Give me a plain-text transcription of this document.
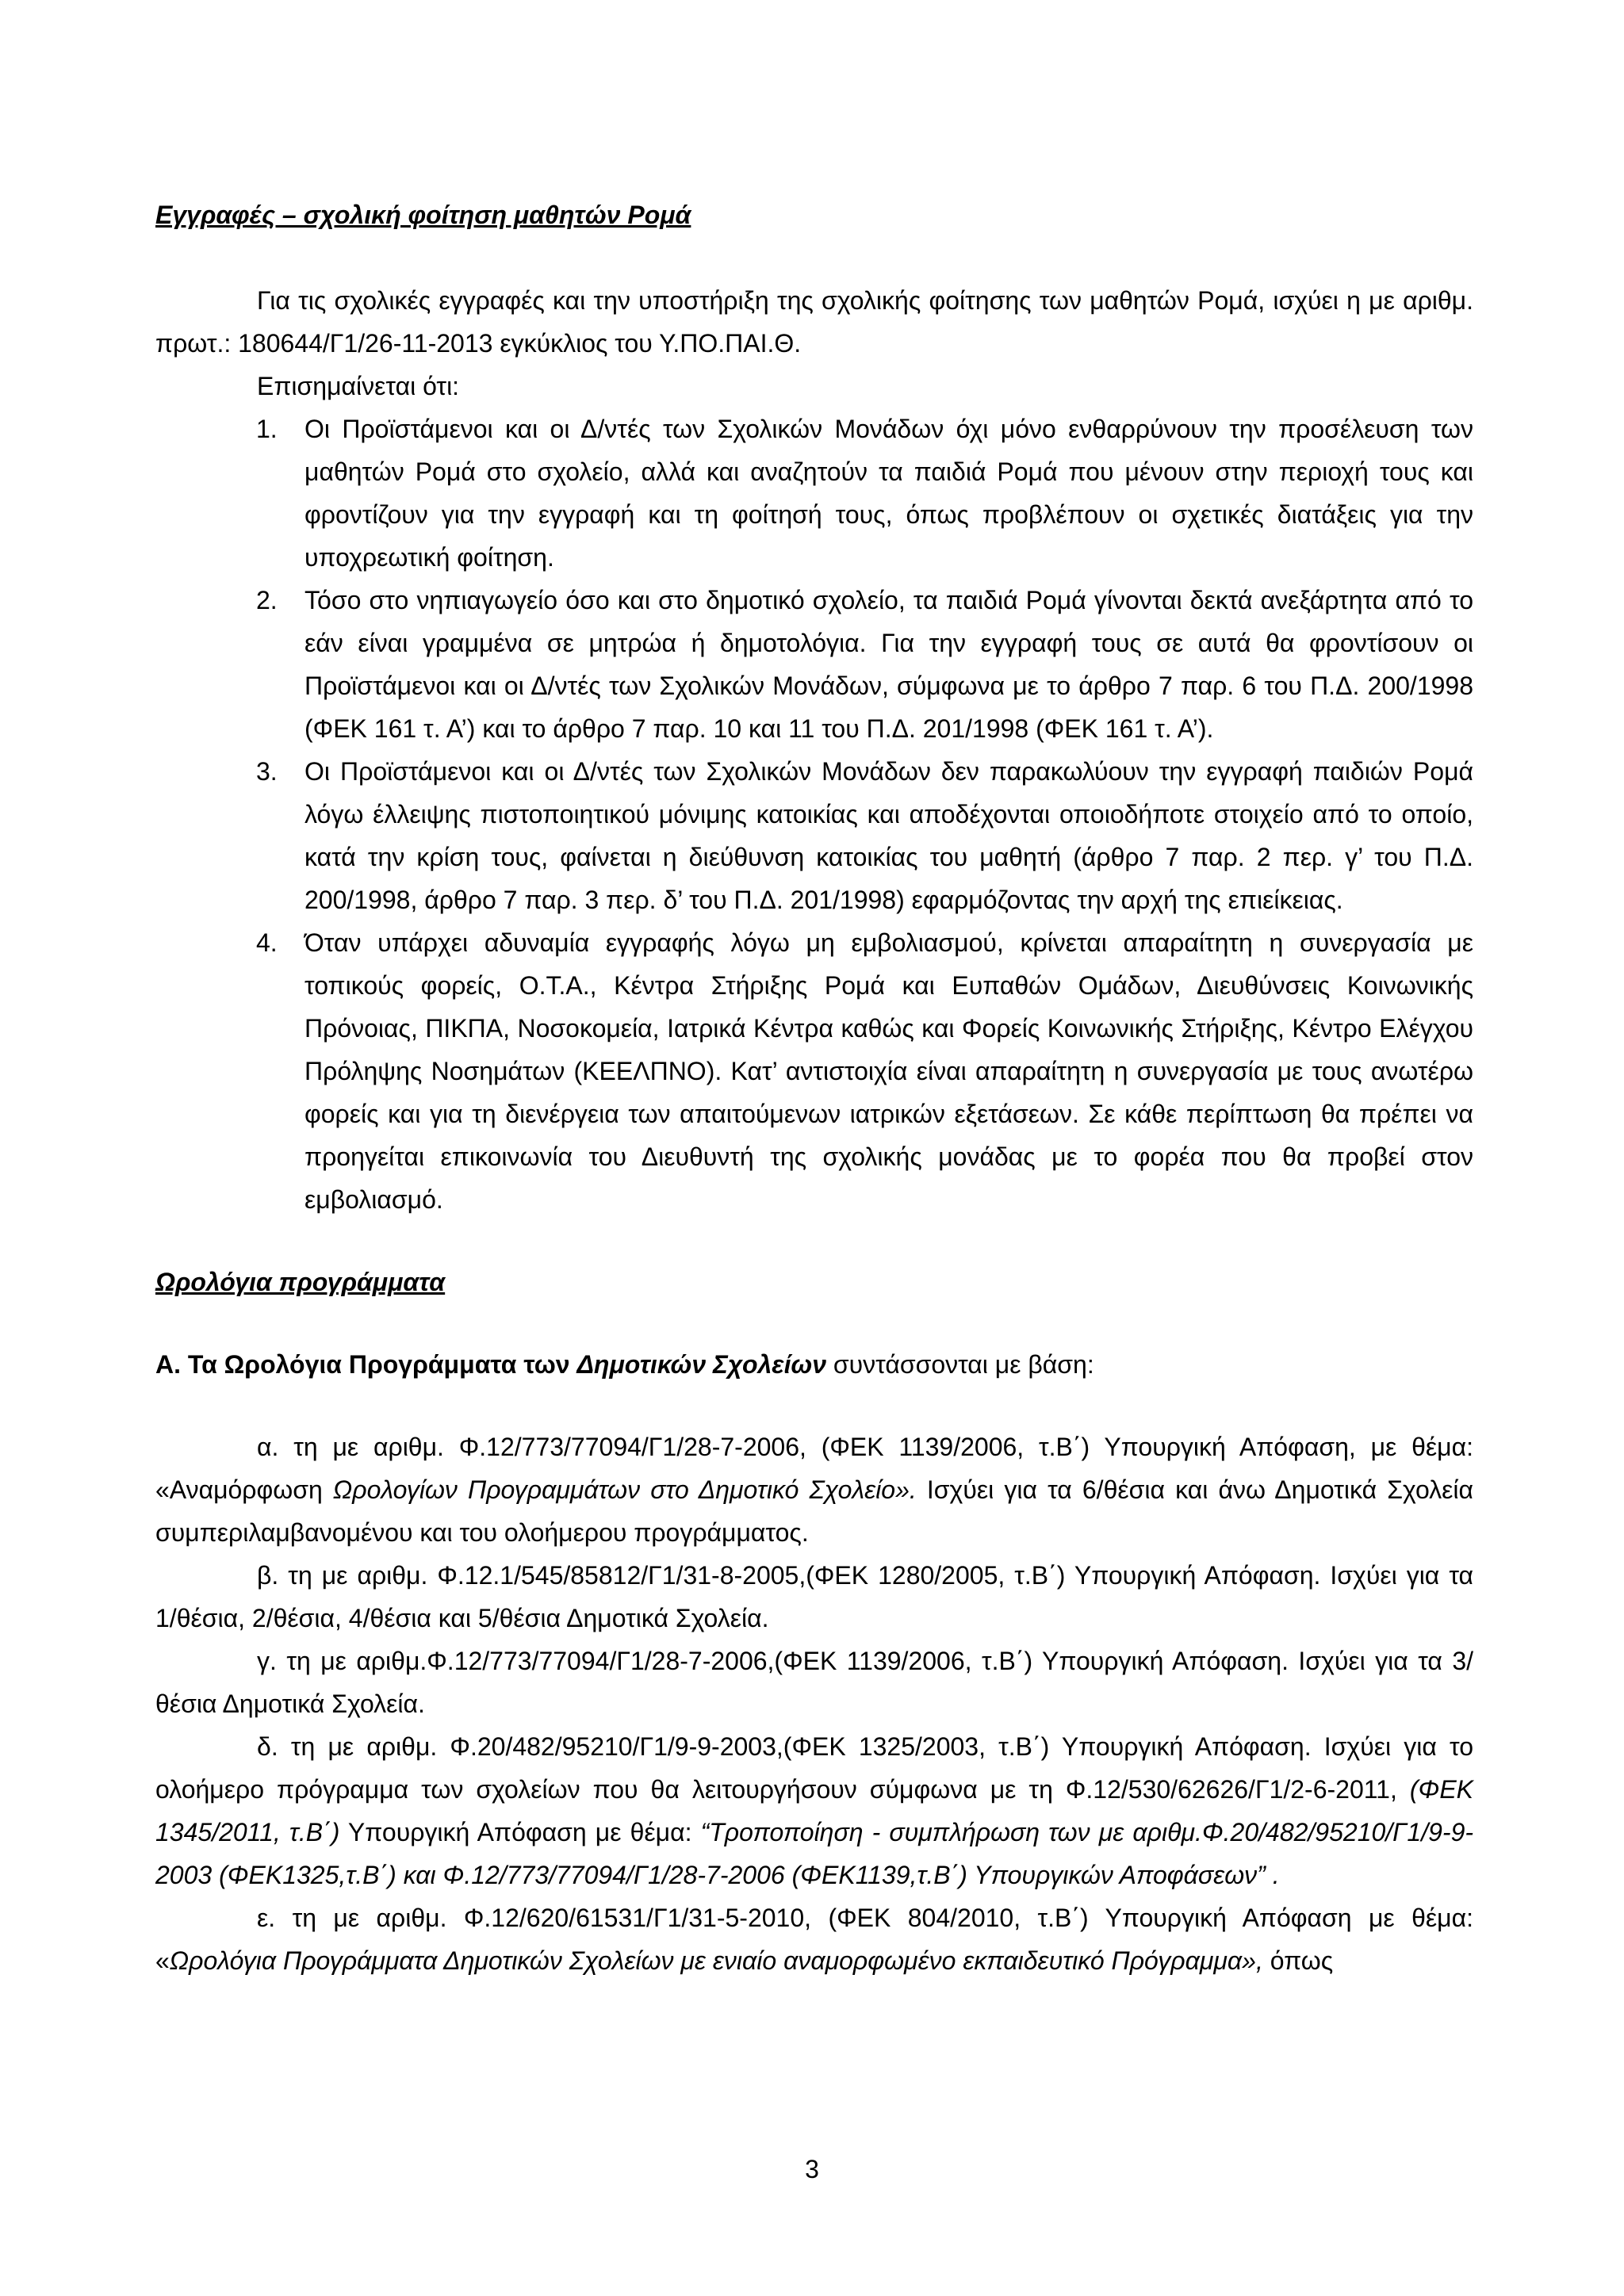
Εγγραφές – σχολική φοίτηση μαθητών Ρομά

Για τις σχολικές εγγραφές και την υποστήριξη της σχολικής φοίτησης των μαθητών Ρομά, ισχύει η με αριθμ. πρωτ.: 180644/Γ1/26-11-2013 εγκύκλιος του Υ.ΠΟ.ΠΑΙ.Θ.

Επισημαίνεται ότι:

1. Οι Προϊστάμενοι και οι Δ/ντές των Σχολικών Μονάδων όχι μόνο ενθαρρύνουν την προσέλευση των μαθητών Ρομά στο σχολείο, αλλά και αναζητούν τα παιδιά Ρομά που μένουν στην περιοχή τους και φροντίζουν για την εγγραφή και τη φοίτησή τους, όπως προβλέπουν οι σχετικές διατάξεις για την υποχρεωτική φοίτηση.
2. Τόσο στο νηπιαγωγείο όσο και στο δημοτικό σχολείο, τα παιδιά Ρομά γίνονται δεκτά ανεξάρτητα από το εάν είναι γραμμένα σε μητρώα ή δημοτολόγια. Για την εγγραφή τους σε αυτά θα φροντίσουν οι Προϊστάμενοι και οι Δ/ντές των Σχολικών Μονάδων, σύμφωνα με το άρθρο 7 παρ. 6 του Π.Δ. 200/1998 (ΦΕΚ 161 τ. Α’) και το άρθρο 7 παρ. 10 και 11 του Π.Δ. 201/1998 (ΦΕΚ 161 τ. Α’).
3. Οι Προϊστάμενοι και οι Δ/ντές των Σχολικών Μονάδων δεν παρακωλύουν την εγγραφή παιδιών Ρομά λόγω έλλειψης πιστοποιητικού μόνιμης κατοικίας και αποδέχονται οποιοδήποτε στοιχείο από το οποίο, κατά την κρίση τους, φαίνεται η διεύθυνση κατοικίας του μαθητή (άρθρο 7 παρ. 2 περ. γ’ του Π.Δ. 200/1998, άρθρο 7 παρ. 3 περ. δ’ του Π.Δ. 201/1998) εφαρμόζοντας την αρχή της επιείκειας.
4. Όταν υπάρχει αδυναμία εγγραφής λόγω μη εμβολιασμού, κρίνεται απαραίτητη η συνεργασία με τοπικούς φορείς, Ο.Τ.Α., Κέντρα Στήριξης Ρομά και Ευπαθών Ομάδων, Διευθύνσεις Κοινωνικής Πρόνοιας, ΠΙΚΠΑ, Νοσοκομεία, Ιατρικά Κέντρα καθώς και Φορείς Κοινωνικής Στήριξης, Κέντρο Ελέγχου Πρόληψης Νοσημάτων (ΚΕΕΛΠΝΟ). Κατ’ αντιστοιχία είναι απαραίτητη η συνεργασία με τους ανωτέρω φορείς και για τη διενέργεια των απαιτούμενων ιατρικών εξετάσεων. Σε κάθε περίπτωση θα πρέπει να προηγείται επικοινωνία του Διευθυντή της σχολικής μονάδας με το φορέα που θα προβεί στον εμβολιασμό.

Ωρολόγια προγράμματα

Α. Τα Ωρολόγια Προγράμματα των Δημοτικών Σχολείων συντάσσονται με βάση:

α. τη με αριθμ. Φ.12/773/77094/Γ1/28-7-2006, (ΦΕΚ 1139/2006, τ.Β΄) Υπουργική Απόφαση, με θέμα: «Αναμόρφωση Ωρολογίων Προγραμμάτων στο Δημοτικό Σχολείο». Ισχύει για τα 6/θέσια και άνω Δημοτικά Σχολεία συμπεριλαμβανομένου και του ολοήμερου προγράμματος.

β. τη με αριθμ. Φ.12.1/545/85812/Γ1/31-8-2005,(ΦΕΚ 1280/2005, τ.Β΄) Υπουργική Απόφαση. Ισχύει για τα 1/θέσια, 2/θέσια, 4/θέσια και 5/θέσια Δημοτικά Σχολεία.

γ. τη με αριθμ.Φ.12/773/77094/Γ1/28-7-2006,(ΦΕΚ 1139/2006, τ.Β΄) Υπουργική Απόφαση. Ισχύει για τα 3/θέσια Δημοτικά Σχολεία.

δ. τη με αριθμ. Φ.20/482/95210/Γ1/9-9-2003,(ΦΕΚ 1325/2003, τ.Β΄) Υπουργική Απόφαση. Ισχύει για το ολοήμερο πρόγραμμα των σχολείων που θα λειτουργήσουν σύμφωνα με τη Φ.12/530/62626/Γ1/2-6-2011, (ΦΕΚ 1345/2011, τ.Β΄) Υπουργική Απόφαση με θέμα: “Τροποποίηση - συμπλήρωση των με αριθμ.Φ.20/482/95210/Γ1/9-9-2003 (ΦΕΚ1325,τ.Β΄) και Φ.12/773/77094/Γ1/28-7-2006 (ΦΕΚ1139,τ.Β΄) Υπουργικών Αποφάσεων” .

ε. τη με αριθμ. Φ.12/620/61531/Γ1/31-5-2010, (ΦΕΚ 804/2010, τ.Β΄) Υπουργική Απόφαση με θέμα: «Ωρολόγια Προγράμματα Δημοτικών Σχολείων με ενιαίο αναμορφωμένο εκπαιδευτικό Πρόγραμμα», όπως

3
